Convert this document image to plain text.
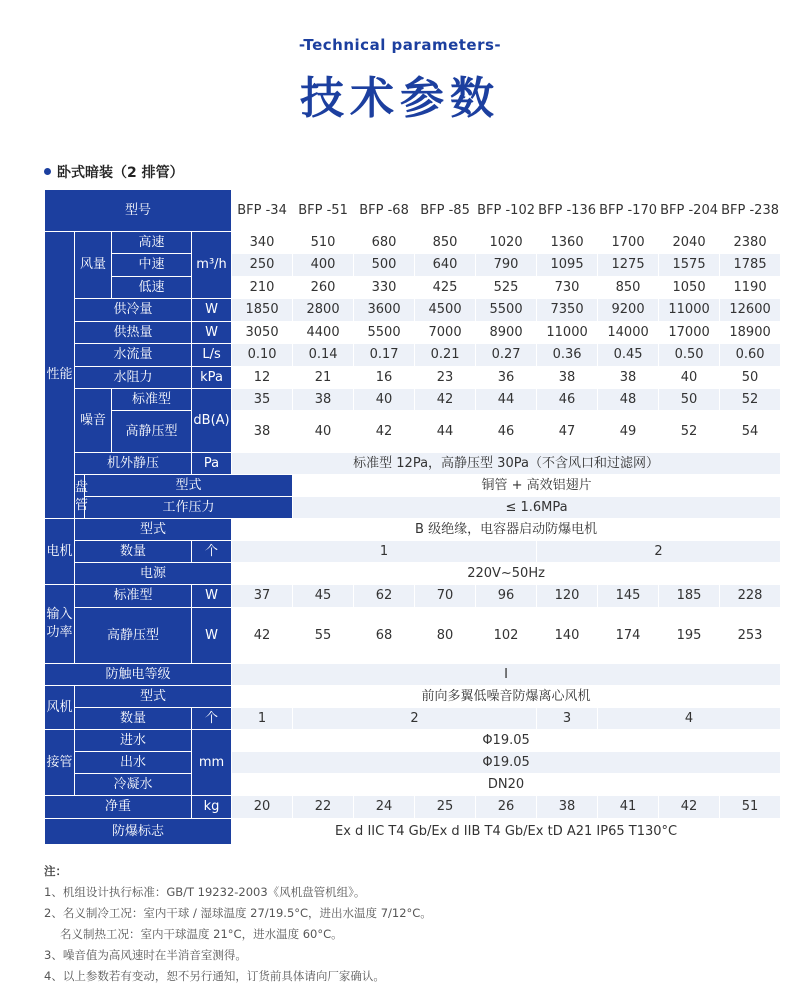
-Technical parameters-
技术参数
卧式暗装（2 排管）
型号					BFP -34	BFP -51	BFP -68	BFP -85	BFP -102	BFP -136	BFP -170	BFP -204	BFP -238
性能	风量		高速	m³/h	340	510	680	850	1020	1360	1700	2040	2380
			中速		250	400	500	640	790	1095	1275	1575	1785
			低速		210	260	330	425	525	730	850	1050	1190
	供冷量			W	1850	2800	3600	4500	5500	7350	9200	11000	12600
	供热量			W	3050	4400	5500	7000	8900	11000	14000	17000	18900
	水流量			L/s	0.10	0.14	0.17	0.21	0.27	0.36	0.45	0.50	0.60
	水阻力			kPa	12	21	16	23	36	38	38	40	50
	噪音		标准型	dB(A)	35	38	40	42	44	46	48	50	52
			高静压型		38	40	42	44	46	47	49	52	54
	机外静压			Pa	标准型 12Pa，高静压型 30Pa（不含风口和过滤网）								
	盘管	型式				铜管 + 高效铝翅片							
		工作压力				≤ 1.6MPa							
电机	型式				B 级绝缘，电容器启动防爆电机								
	数量			个	1					2			
	电源				220V~50Hz								
输入功率	标准型			W	37	45	62	70	96	120	145	185	228
	高静压型			W	42	55	68	80	102	140	174	195	253
防触电等级					I								
风机	型式				前向多翼低噪音防爆离心风机								
	数量			个	1	2				3	4		
接管	进水			mm	Φ19.05								
	出水				Φ19.05								
	冷凝水				DN20								
净重				kg	20	22	24	25	26	38	41	42	51
防爆标志					Ex d IIC T4 Gb/Ex d IIB T4 Gb/Ex tD A21 IP65 T130°C								
注：
1、机组设计执行标准：GB/T 19232-2003《风机盘管机组》。
2、名义制冷工况：室内干球 / 湿球温度 27/19.5°C，进出水温度 7/12°C。
名义制热工况：室内干球温度 21°C，进水温度 60°C。
3、噪音值为高风速时在半消音室测得。
4、以上参数若有变动，恕不另行通知，订货前具体请向厂家确认。
